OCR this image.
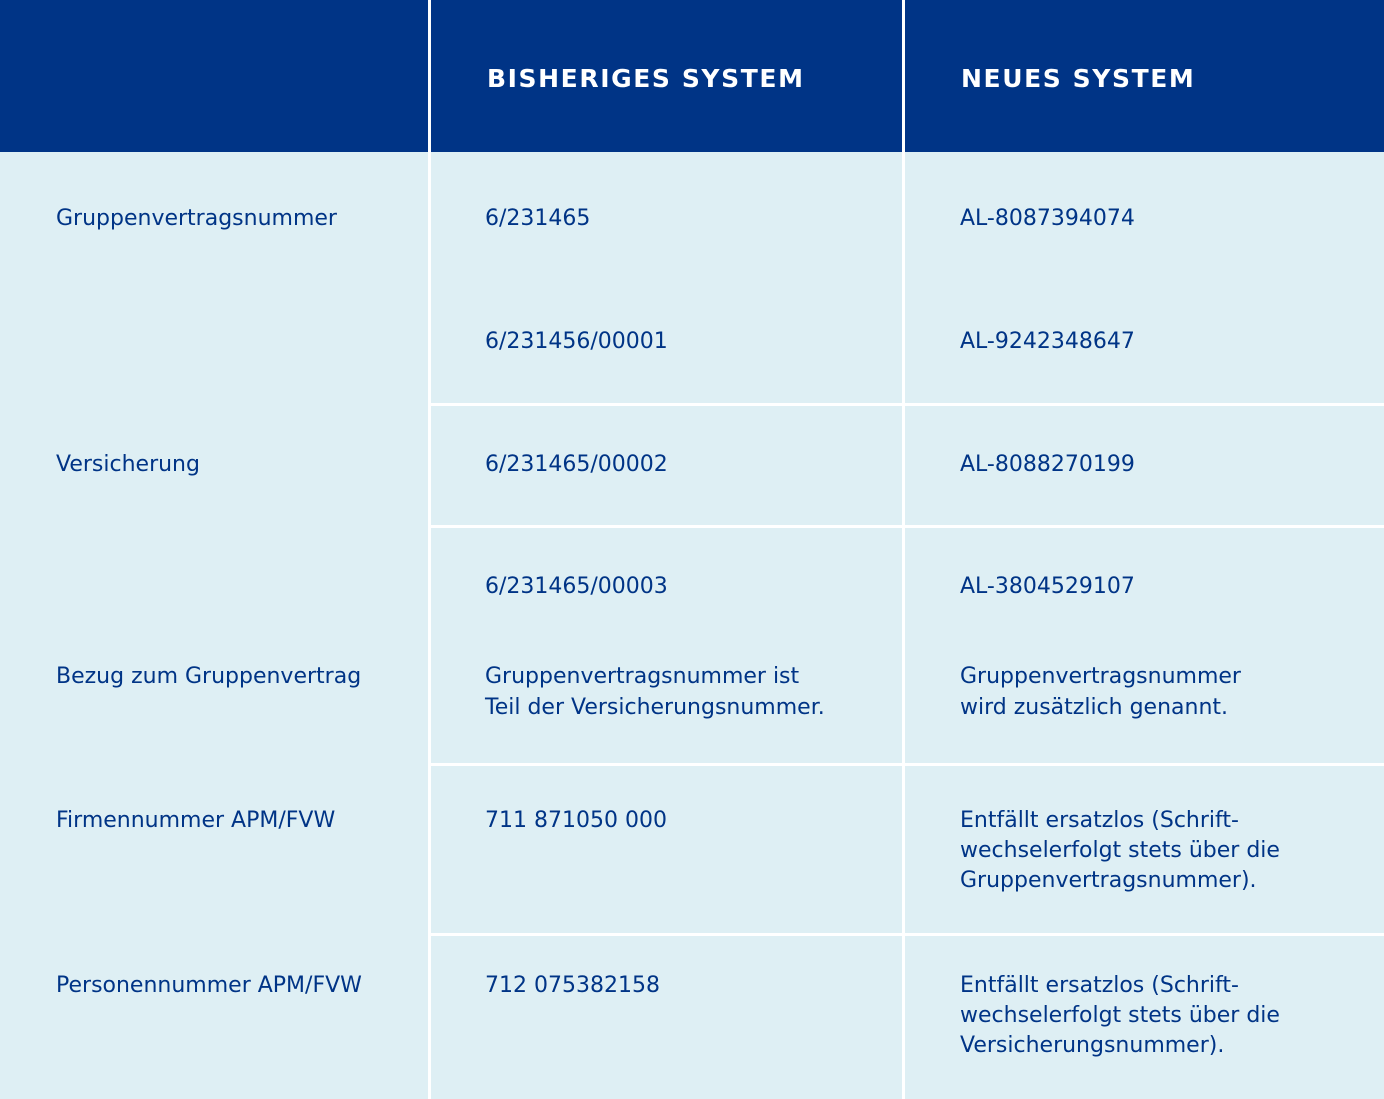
BISHERIGES SYSTEM	NEUES SYSTEM
Gruppenvertragsnummer
Versicherung
Bezug zum Gruppenvertrag
Firmennummer APM/FVW
Personennummer APM/FVW
6/231465
6/231456/00001
6/231465/00002
6/231465/00003
Gruppenvertragsnummer ist
Teil der Versicherungsnummer.
711 871050 000
712 075382158
AL-8087394074
AL-9242348647
AL-8088270199
AL-3804529107
Gruppenvertragsnummer
wird zusätzlich genannt.
Entfällt ersatzlos (Schrift-
wechselerfolgt stets über die
Gruppenvertragsnummer).
Entfällt ersatzlos (Schrift-
wechselerfolgt stets über die
Versicherungsnummer).
